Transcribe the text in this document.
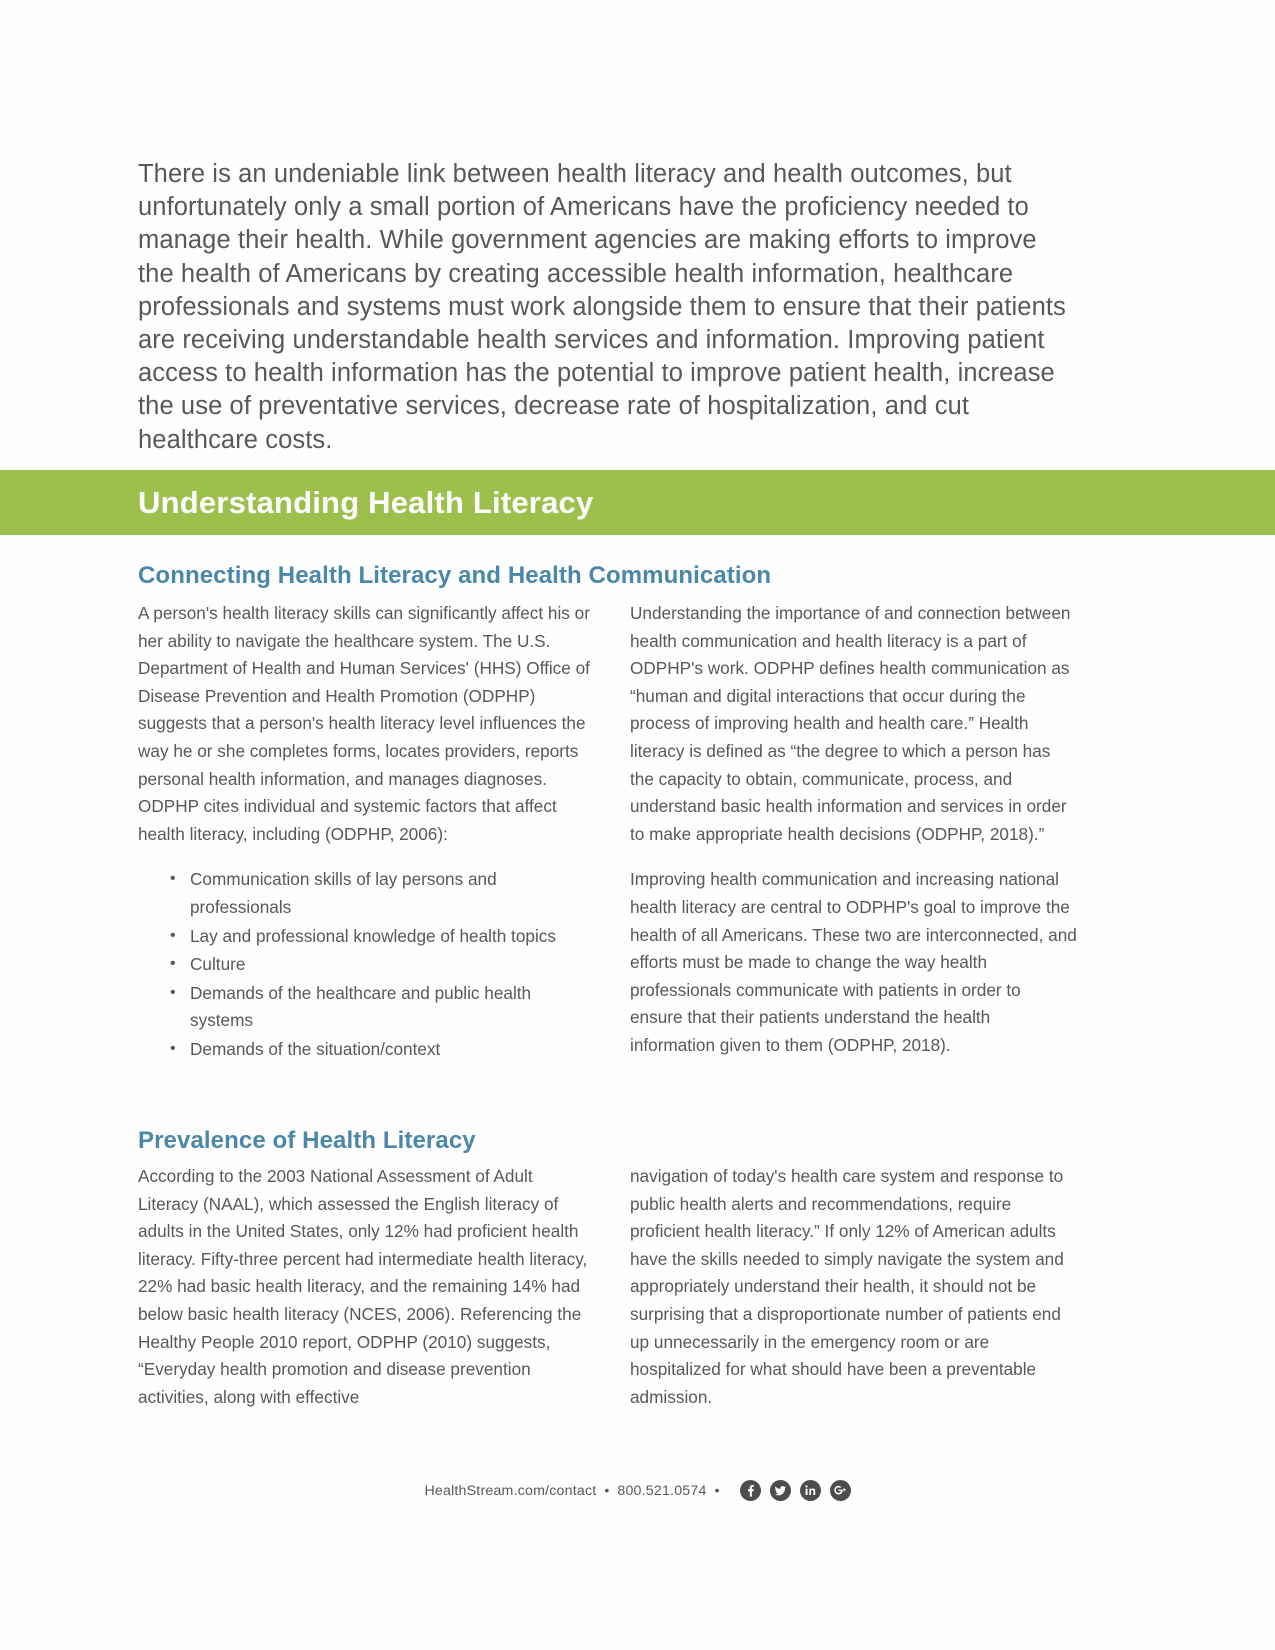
There is an undeniable link between health literacy and health outcomes, but unfortunately only a small portion of Americans have the proficiency needed to manage their health. While government agencies are making efforts to improve the health of Americans by creating accessible health information, healthcare professionals and systems must work alongside them to ensure that their patients are receiving understandable health services and information. Improving patient access to health information has the potential to improve patient health, increase the use of preventative services, decrease rate of hospitalization, and cut healthcare costs.
Understanding Health Literacy
Connecting Health Literacy and Health Communication

A person's health literacy skills can significantly affect his or her ability to navigate the healthcare system. The U.S. Department of Health and Human Services' (HHS) Office of Disease Prevention and Health Promotion (ODPHP) suggests that a person's health literacy level influences the way he or she completes forms, locates providers, reports personal health information, and manages diagnoses. ODPHP cites individual and systemic factors that affect health literacy, including (ODPHP, 2006):

• Communication skills of lay persons and professionals
• Lay and professional knowledge of health topics
• Culture
• Demands of the healthcare and public health systems
• Demands of the situation/context

Understanding the importance of and connection between health communication and health literacy is a part of ODPHP's work. ODPHP defines health communication as “human and digital interactions that occur during the process of improving health and health care.” Health literacy is defined as “the degree to which a person has the capacity to obtain, communicate, process, and understand basic health information and services in order to make appropriate health decisions (ODPHP, 2018).”

Improving health communication and increasing national health literacy are central to ODPHP's goal to improve the health of all Americans. These two are interconnected, and efforts must be made to change the way health professionals communicate with patients in order to ensure that their patients understand the health information given to them (ODPHP, 2018).

Prevalence of Health Literacy

According to the 2003 National Assessment of Adult Literacy (NAAL), which assessed the English literacy of adults in the United States, only 12% had proficient health literacy. Fifty-three percent had intermediate health literacy, 22% had basic health literacy, and the remaining 14% had below basic health literacy (NCES, 2006). Referencing the Healthy People 2010 report, ODPHP (2010) suggests, “Everyday health promotion and disease prevention activities, along with effective

navigation of today's health care system and response to public health alerts and recommendations, require proficient health literacy.” If only 12% of American adults have the skills needed to simply navigate the system and appropriately understand their health, it should not be surprising that a disproportionate number of patients end up unnecessarily in the emergency room or are hospitalized for what should have been a preventable admission.

HealthStream.com/contact • 800.521.0574 •
